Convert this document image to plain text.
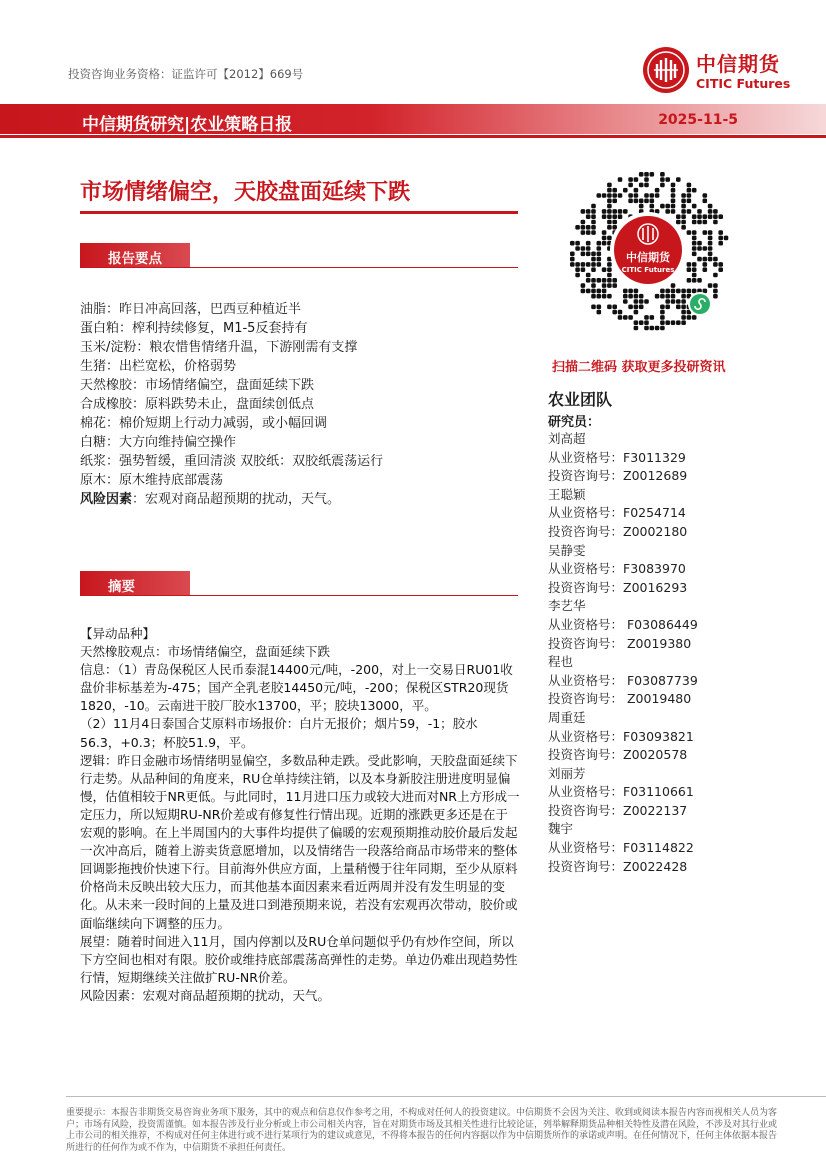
投资咨询业务资格：证监许可【2012】669号	中信期货
CITIC Futures
中信期货研究|农业策略日报	2025-11-5
市场情绪偏空，天胶盘面延续下跌
报告要点
油脂：昨日冲高回落，巴西豆种植近半
蛋白粕：榨利持续修复，M1-5反套持有
玉米/淀粉：粮农惜售情绪升温，下游刚需有支撑
生猪：出栏宽松，价格弱势
天然橡胶：市场情绪偏空，盘面延续下跌
合成橡胶：原料跌势未止，盘面续创低点
棉花：棉价短期上行动力减弱，或小幅回调
白糖：大方向维持偏空操作
纸浆：强势暂缓，重回清淡 双胶纸：双胶纸震荡运行
原木：原木维持底部震荡
风险因素：宏观对商品超预期的扰动，天气。
摘要

【异动品种】

天然橡胶观点：市场情绪偏空，盘面延续下跌

信息：（1）青岛保税区人民币泰混14400元/吨，-200，对上一交易日RU01收盘价非标基差为-475；国产全乳老胶14450元/吨，-200；保税区STR20现货1820，-10。云南进干胶厂胶水13700，平；胶块13000，平。

（2）11月4日泰国合艾原料市场报价：白片无报价；烟片59，-1；胶水56.3，+0.3；杯胶51.9，平。

逻辑：昨日金融市场情绪明显偏空，多数品种走跌。受此影响，天胶盘面延续下行走势。从品种间的角度来，RU仓单持续注销，以及本身新胶注册进度明显偏慢，估值相较于NR更低。与此同时，11月进口压力或较大进而对NR上方形成一定压力，所以短期RU-NR价差或有修复性行情出现。近期的涨跌更多还是在于宏观的影响。在上半周国内的大事件均提供了偏暖的宏观预期推动胶价最后发起一次冲高后，随着上游卖货意愿增加，以及情绪告一段落给商品市场带来的整体回调影拖拽价快速下行。目前海外供应方面，上量稍慢于往年同期，至少从原料价格尚未反映出较大压力，而其他基本面因素来看近两周并没有发生明显的变化。从未来一段时间的上量及进口到港预期来说，若没有宏观再次带动，胶价或面临继续向下调整的压力。

展望：随着时间进入11月，国内停割以及RU仓单问题似乎仍有炒作空间，所以下方空间也相对有限。胶价或维持底部震荡高弹性的走势。单边仍难出现趋势性行情，短期继续关注做扩RU-NR价差。

风险因素：宏观对商品超预期的扰动，天气。

中信期货
CITIC Futures
扫描二维码 获取更多投研资讯
农业团队
研究员：
刘高超
从业资格号：F3011329
投资咨询号：Z0012689
王聪颖
从业资格号：F0254714
投资咨询号：Z0002180
吴静雯
从业资格号：F3083970
投资咨询号：Z0016293
李艺华
从业资格号： F03086449
投资咨询号： Z0019380
程也
从业资格号： F03087739
投资咨询号： Z0019480
周重廷
从业资格号：F03093821
投资咨询号：Z0020578
刘丽芳
从业资格号：F03110661
投资咨询号：Z0022137
魏宇
从业资格号：F03114822
投资咨询号：Z0022428
重要提示：本报告非期货交易咨询业务项下服务，其中的观点和信息仅作参考之用，不构成对任何人的投资建议。中信期货不会因为关注、收到或阅读本报告内容而视相关人员为客户；市场有风险，投资需谨慎。如本报告涉及行业分析或上市公司相关内容，旨在对期货市场及其相关性进行比较论证，列举解释期货品种相关特性及潜在风险，不涉及对其行业或上市公司的相关推荐，不构成对任何主体进行或不进行某项行为的建议或意见，不得将本报告的任何内容据以作为中信期货所作的承诺或声明。在任何情况下，任何主体依据本报告所进行的任何作为或不作为，中信期货不承担任何责任。
